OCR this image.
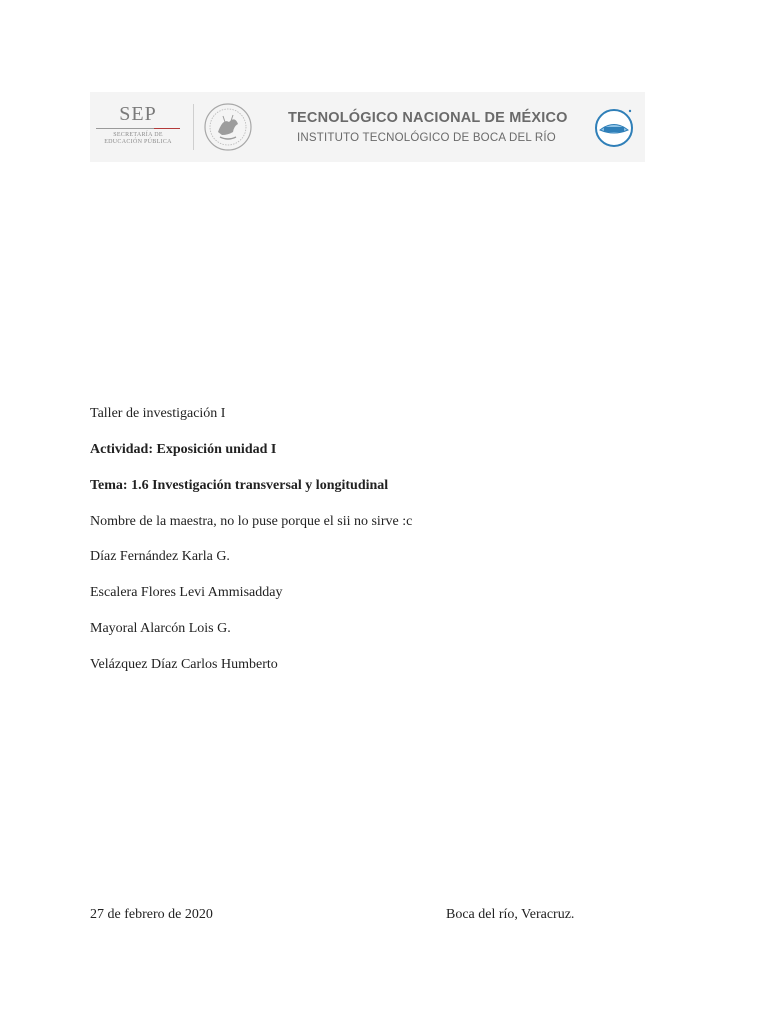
SEP
SECRETARÍA DE
EDUCACIÓN PÚBLICA
TECNOLÓGICO NACIONAL DE MÉXICO
INSTITUTO TECNOLÓGICO DE BOCA DEL RÍO
Taller de investigación I
Actividad: Exposición unidad I
Tema: 1.6 Investigación transversal y longitudinal
Nombre de la maestra, no lo puse porque el sii no sirve :c
Díaz Fernández Karla G.
Escalera Flores Levi Ammisadday
Mayoral Alarcón Lois G.
Velázquez Díaz Carlos Humberto
27 de febrero de 2020	Boca del río, Veracruz.
